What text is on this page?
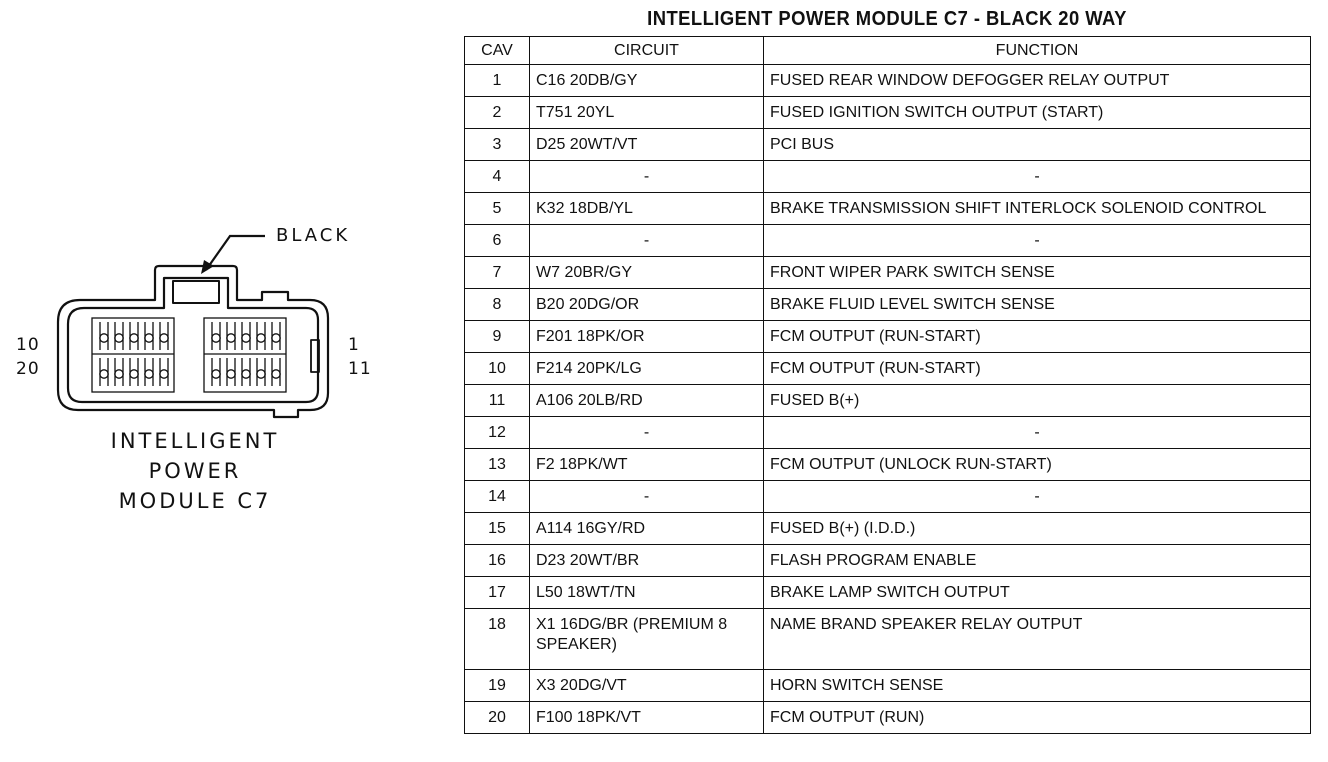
BLACK
10
20
1
11
INTELLIGENT
POWER
MODULE C7
INTELLIGENT POWER MODULE C7 - BLACK 20 WAY
CAV	CIRCUIT	FUNCTION
1	C16 20DB/GY	FUSED REAR WINDOW DEFOGGER RELAY OUTPUT
2	T751 20YL	FUSED IGNITION SWITCH OUTPUT (START)
3	D25 20WT/VT	PCI BUS
4	-	-
5	K32 18DB/YL	BRAKE TRANSMISSION SHIFT INTERLOCK SOLENOID CONTROL
6	-	-
7	W7 20BR/GY	FRONT WIPER PARK SWITCH SENSE
8	B20 20DG/OR	BRAKE FLUID LEVEL SWITCH SENSE
9	F201 18PK/OR	FCM OUTPUT (RUN-START)
10	F214 20PK/LG	FCM OUTPUT (RUN-START)
11	A106 20LB/RD	FUSED B(+)
12	-	-
13	F2 18PK/WT	FCM OUTPUT (UNLOCK RUN-START)
14	-	-
15	A114 16GY/RD	FUSED B(+) (I.D.D.)
16	D23 20WT/BR	FLASH PROGRAM ENABLE
17	L50 18WT/TN	BRAKE LAMP SWITCH OUTPUT
18	X1 16DG/BR (PREMIUM 8
SPEAKER)	NAME BRAND SPEAKER RELAY OUTPUT
19	X3 20DG/VT	HORN SWITCH SENSE
20	F100 18PK/VT	FCM OUTPUT (RUN)
